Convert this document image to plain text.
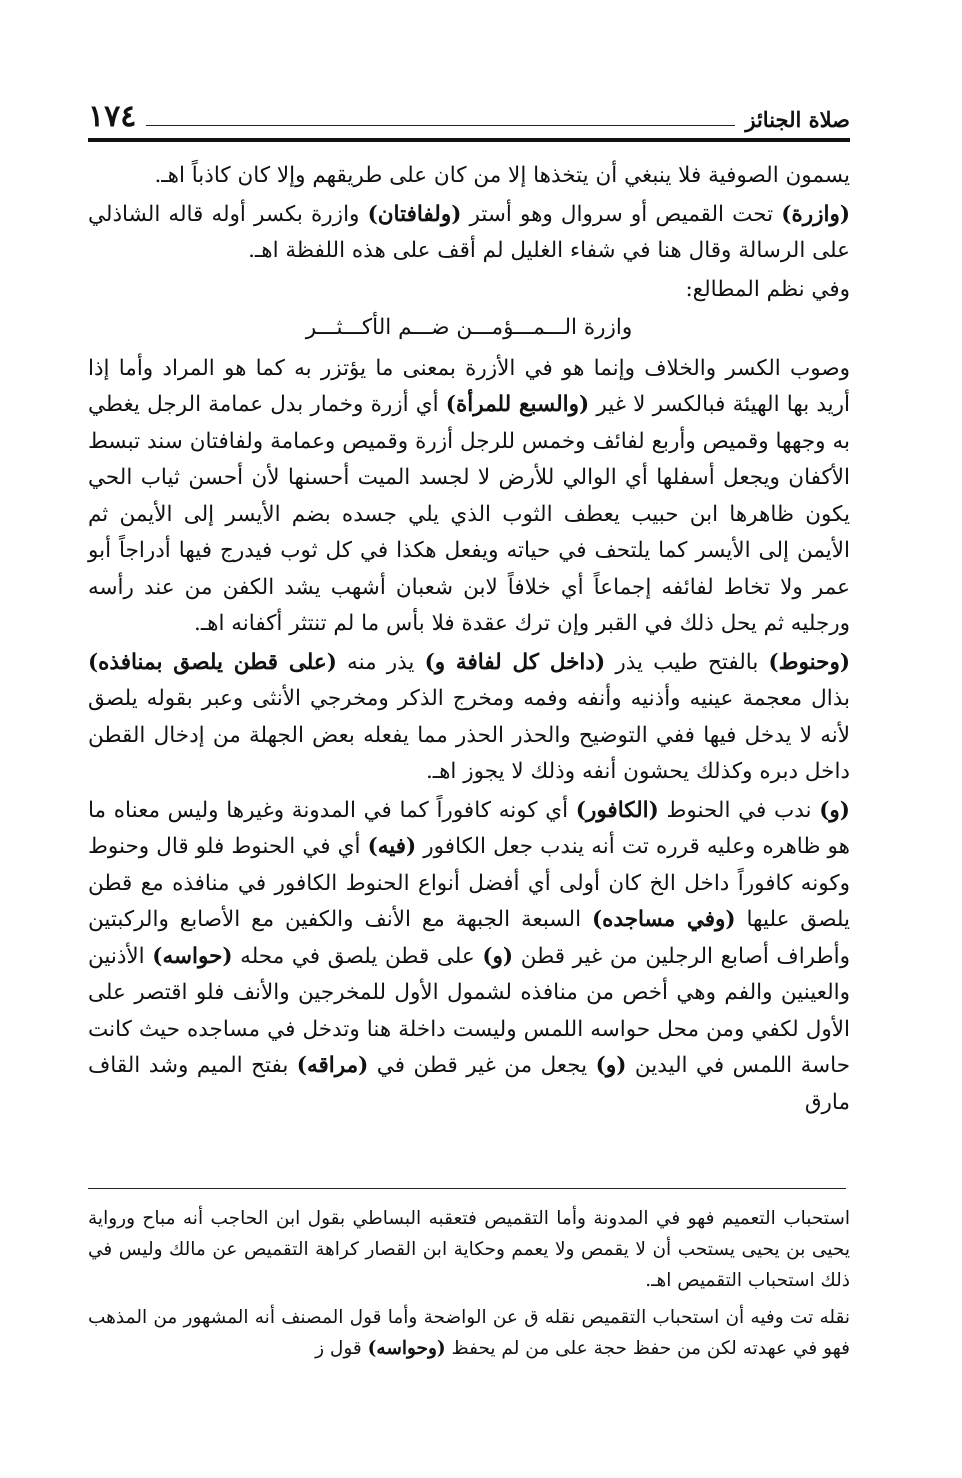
١٧٤	صلاة الجنائز

يسمون الصوفية فلا ينبغي أن يتخذها إلا من كان على طريقهم وإلا كان كاذباً اهـ.

(وازرة) تحت القميص أو سروال وهو أستر (ولفافتان) وازرة بكسر أوله قاله الشاذلي على الرسالة وقال هنا في شفاء الغليل لم أقف على هذه اللفظة اهـ.

وفي نظم المطالع:

وازرة الـــمـــؤمـــن ضـــم الأكـــثـــر

وصوب الكسر والخلاف وإنما هو في الأزرة بمعنى ما يؤتزر به كما هو المراد وأما إذا أريد بها الهيئة فبالكسر لا غير (والسبع للمرأة) أي أزرة وخمار بدل عمامة الرجل يغطي به وجهها وقميص وأربع لفائف وخمس للرجل أزرة وقميص وعمامة ولفافتان سند تبسط الأكفان ويجعل أسفلها أي الوالي للأرض لا لجسد الميت أحسنها لأن أحسن ثياب الحي يكون ظاهرها ابن حبيب يعطف الثوب الذي يلي جسده بضم الأيسر إلى الأيمن ثم الأيمن إلى الأيسر كما يلتحف في حياته ويفعل هكذا في كل ثوب فيدرج فيها أدراجاً أبو عمر ولا تخاط لفائفه إجماعاً أي خلافاً لابن شعبان أشهب يشد الكفن من عند رأسه ورجليه ثم يحل ذلك في القبر وإن ترك عقدة فلا بأس ما لم تنتثر أكفانه اهـ.

(وحنوط) بالفتح طيب يذر (داخل كل لفافة و) يذر منه (على قطن يلصق بمنافذه) بذال معجمة عينيه وأذنيه وأنفه وفمه ومخرج الذكر ومخرجي الأنثى وعبر بقوله يلصق لأنه لا يدخل فيها ففي التوضيح والحذر الحذر مما يفعله بعض الجهلة من إدخال القطن داخل دبره وكذلك يحشون أنفه وذلك لا يجوز اهـ.

(و) ندب في الحنوط (الكافور) أي كونه كافوراً كما في المدونة وغيرها وليس معناه ما هو ظاهره وعليه قرره تت أنه يندب جعل الكافور (فيه) أي في الحنوط فلو قال وحنوط وكونه كافوراً داخل الخ كان أولى أي أفضل أنواع الحنوط الكافور في منافذه مع قطن يلصق عليها (وفي مساجده) السبعة الجبهة مع الأنف والكفين مع الأصابع والركبتين وأطراف أصابع الرجلين من غير قطن (و) على قطن يلصق في محله (حواسه) الأذنين والعينين والفم وهي أخص من منافذه لشمول الأول للمخرجين والأنف فلو اقتصر على الأول لكفي ومن محل حواسه اللمس وليست داخلة هنا وتدخل في مساجده حيث كانت حاسة اللمس في اليدين (و) يجعل من غير قطن في (مراقه) بفتح الميم وشد القاف مارق

استحباب التعميم فهو في المدونة وأما التقميص فتعقبه البساطي بقول ابن الحاجب أنه مباح ورواية يحيى بن يحيى يستحب أن لا يقمص ولا يعمم وحكاية ابن القصار كراهة التقميص عن مالك وليس في ذلك استحباب التقميص اهـ.

نقله تت وفيه أن استحباب التقميص نقله ق عن الواضحة وأما قول المصنف أنه المشهور من المذهب فهو في عهدته لكن من حفظ حجة على من لم يحفظ (وحواسه) قول ز
